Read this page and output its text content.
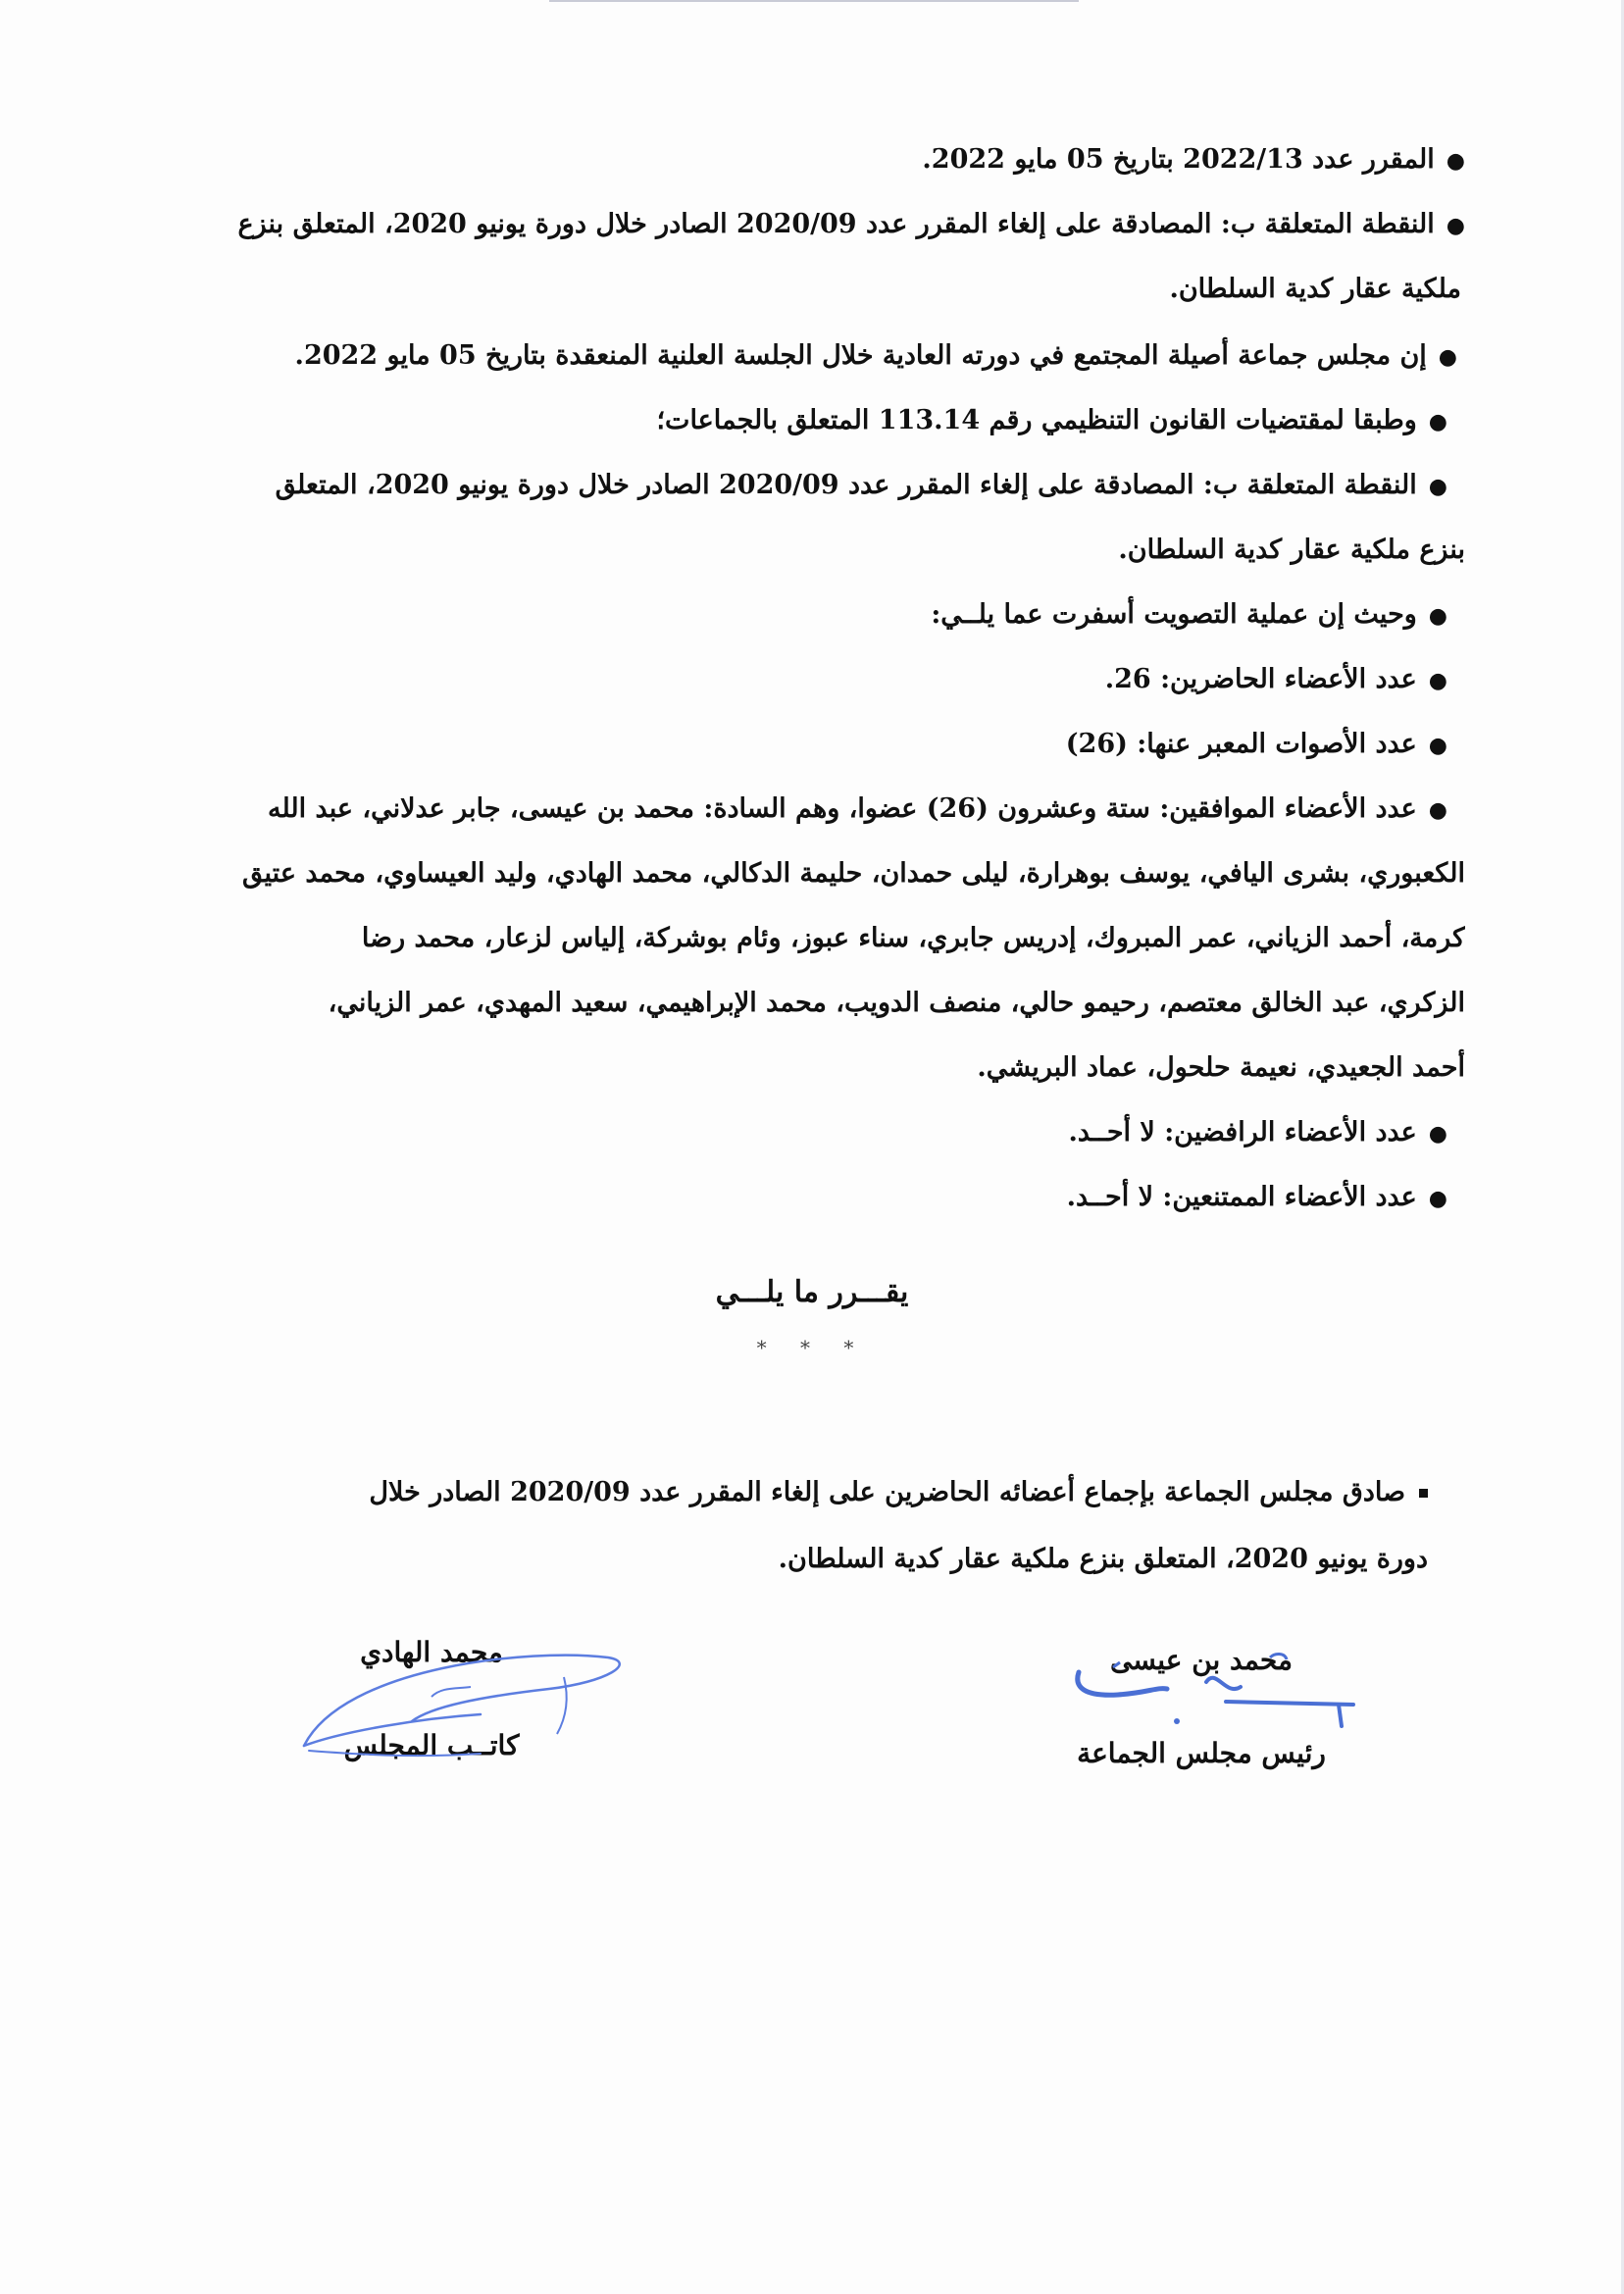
●المقرر عدد 2022/13 بتاريخ 05 مايو 2022.
●النقطة المتعلقة ب: المصادقة على إلغاء المقرر عدد 2020/09 الصادر خلال دورة يونيو 2020، المتعلق بنزع
ملكية عقار كدية السلطان.
●إن مجلس جماعة أصيلة المجتمع في دورته العادية خلال الجلسة العلنية المنعقدة بتاريخ 05 مايو 2022.
●وطبقا لمقتضيات القانون التنظيمي رقم 113.14 المتعلق بالجماعات؛
●النقطة المتعلقة ب: المصادقة على إلغاء المقرر عدد 2020/09 الصادر خلال دورة يونيو 2020، المتعلق
بنزع ملكية عقار كدية السلطان.
●وحيث إن عملية التصويت أسفرت عما يلــي:
●عدد الأعضاء الحاضرين: 26.
●عدد الأصوات المعبر عنها: (26)
●عدد الأعضاء الموافقين: ستة وعشرون (26) عضوا، وهم السادة: محمد بن عيسى، جابر عدلاني، عبد الله
الكعبوري، بشرى اليافي، يوسف بوهرارة، ليلى حمدان، حليمة الدكالي، محمد الهادي، وليد العيساوي، محمد عتيق
كرمة، أحمد الزياني، عمر المبروك، إدريس جابري، سناء عبوز، وئام بوشركة، إلياس لزعار، محمد رضا
الزكري، عبد الخالق معتصم، رحيمو حالي، منصف الدويب، محمد الإبراهيمي، سعيد المهدي، عمر الزياني،
أحمد الجعيدي، نعيمة حلحول، عماد البريشي.
●عدد الأعضاء الرافضين: لا أحــد.
●عدد الأعضاء الممتنعين: لا أحــد.
يقـــرر ما يلـــي
* * *
صادق مجلس الجماعة بإجماع أعضائه الحاضرين على إلغاء المقرر عدد 2020/09 الصادر خلال
دورة يونيو 2020، المتعلق بنزع ملكية عقار كدية السلطان.
محمد بن عيسى
رئيس مجلس الجماعة
محمد الهادي
كاتــب المجلس
